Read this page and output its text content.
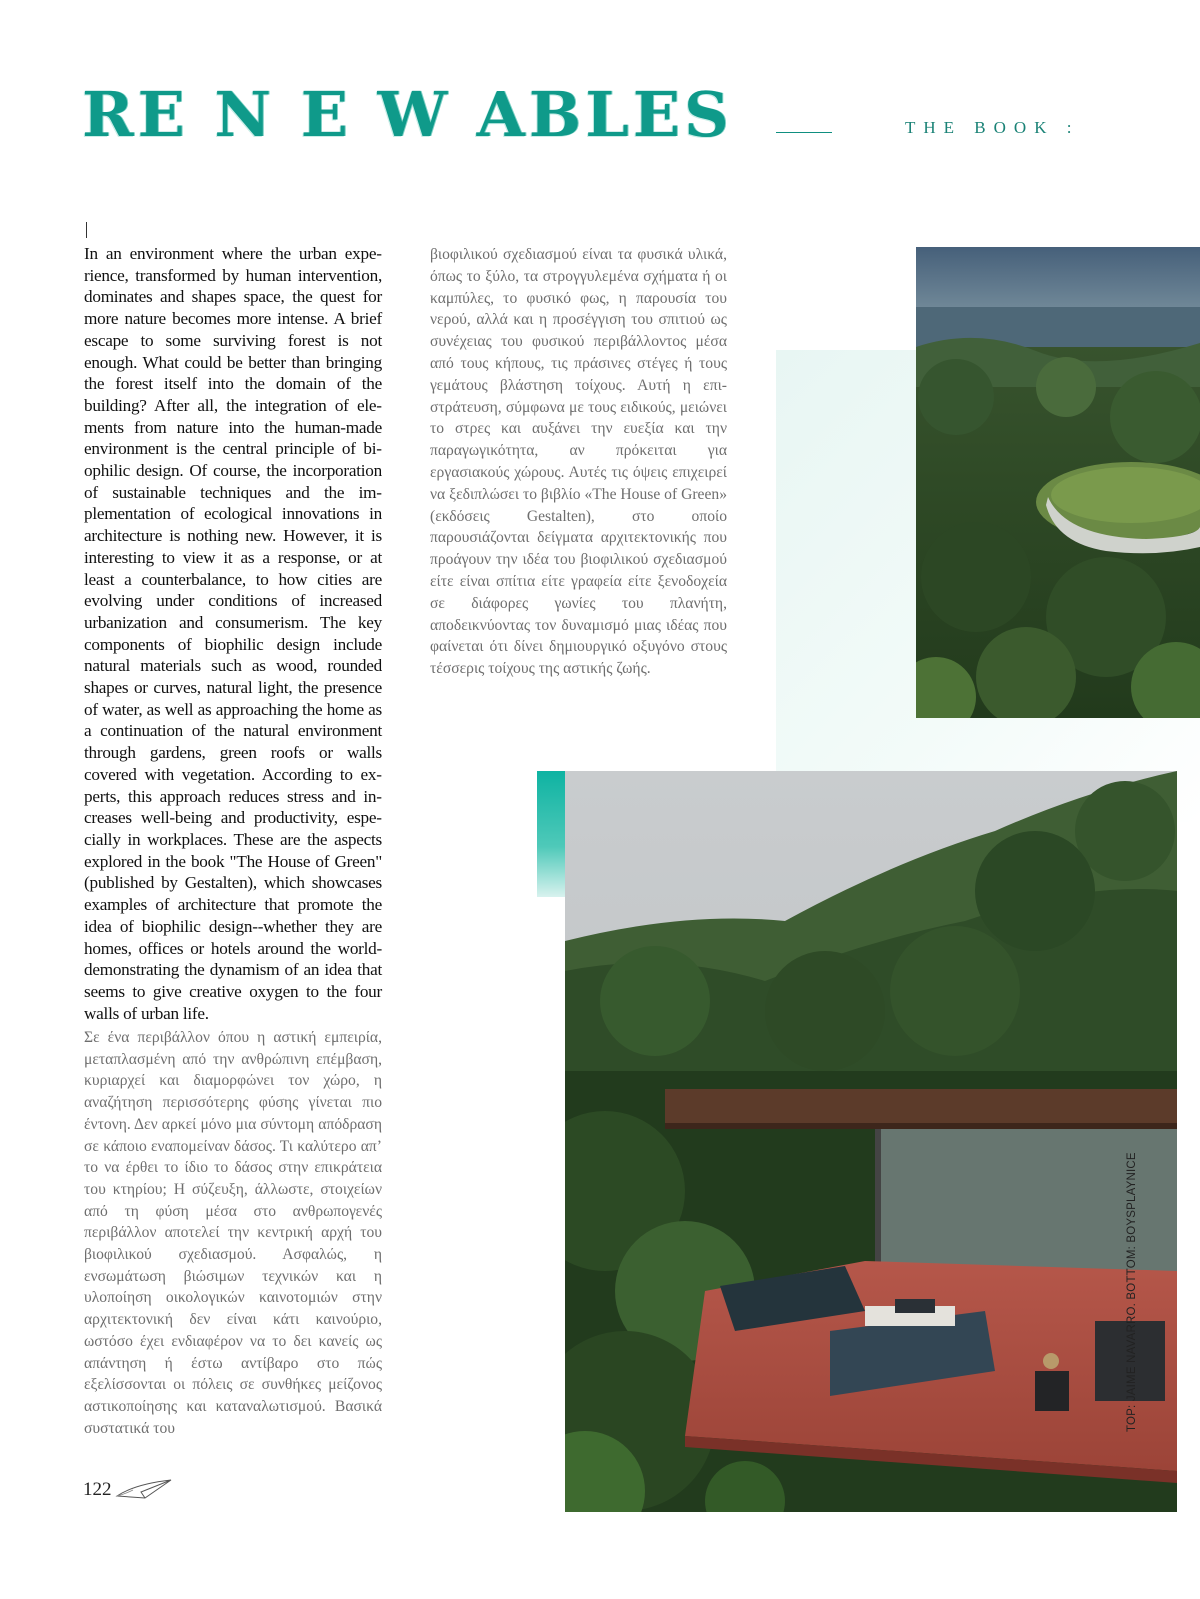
RE N E W ABLES	THE BOOK :

In an environment where the urban experience, transformed by human intervention, dominates and shapes space, the quest for more nature becomes more intense. A brief escape to some surviving forest is not enough. What could be better than bringing the forest itself into the domain of the building? After all, the integration of elements from nature into the human-made environment is the central principle of biophilic design. Of course, the incorporation of sustainable techniques and the implementation of ecological innovations in architecture is nothing new. However, it is interesting to view it as a response, or at least a counterbalance, to how cities are evolving under conditions of increased urbanization and consumerism. The key components of biophilic design include natural materials such as wood, rounded shapes or curves, natural light, the presence of water, as well as approaching the home as a continuation of the natural environment through gardens, green roofs or walls covered with vegetation. According to experts, this approach reduces stress and increases well-being and productivity, especially in workplaces. These are the aspects explored in the book "The House of Green" (published by Gestalten), which showcases examples of architecture that promote the idea of biophilic design--whether they are homes, offices or hotels around the world-demonstrating the dynamism of an idea that seems to give creative oxygen to the four walls of urban life.

Σε ένα περιβάλλον όπου η αστική εμπειρία, μεταπλασμένη από την ανθρώπινη επέμβαση, κυριαρχεί και διαμορφώνει τον χώρο, η αναζήτηση περισσότερης φύσης γίνεται πιο έντονη. Δεν αρκεί μόνο μια σύντομη απόδραση σε κάποιο εναπομείναν δάσος. Τι καλύτερο απ’ το να έρθει το ίδιο το δάσος στην επικράτεια του κτηρίου; Η σύζευξη, άλλωστε, στοιχείων από τη φύση μέσα στο ανθρωπογενές περιβάλλον αποτελεί την κεντρική αρχή του βιοφιλικού σχεδιασμού. Ασφαλώς, η ενσωμάτωση βιώσιμων τεχνικών και η υλοποίηση οικολογικών καινοτομιών στην αρχιτεκτονική δεν είναι κάτι καινούριο, ωστόσο έχει ενδιαφέρον να το δει κανείς ως απάντηση ή έστω αντίβαρο στο πώς εξελίσσονται οι πόλεις σε συνθήκες μείζονος αστικοποίησης και καταναλωτισμού. Βασικά συστατικά του

βιοφιλικού σχεδιασμού είναι τα φυσικά υλικά, όπως το ξύλο, τα στρογγυλεμένα σχήματα ή οι καμπύλες, το φυσικό φως, η παρουσία του νερού, αλλά και η προσέγγιση του σπιτιού ως συνέχειας του φυσικού περιβάλλοντος μέσα από τους κήπους, τις πράσινες στέγες ή τους γεμάτους βλάστηση τοίχους. Αυτή η επιστράτευση, σύμφωνα με τους ειδικούς, μειώνει το στρες και αυξάνει την ευεξία και την παραγωγικότητα, αν πρόκειται για εργασιακούς χώρους. Αυτές τις όψεις επιχειρεί να ξεδιπλώσει το βιβλίο «The House of Green» (εκδόσεις Gestalten), στο οποίο παρουσιάζονται δείγματα αρχιτεκτονικής που προάγουν την ιδέα του βιοφιλικού σχεδιασμού είτε είναι σπίτια είτε γραφεία είτε ξενοδοχεία σε διάφορες γωνίες του πλανήτη, αποδεικνύοντας τον δυναμισμό μιας ιδέας που φαίνεται ότι δίνει δημιουργικό οξυγόνο στους τέσσερις τοίχους της αστικής ζωής.

TOP: JAIME NAVARRO. BOTTOM: BOYSPLAYNICE
122
